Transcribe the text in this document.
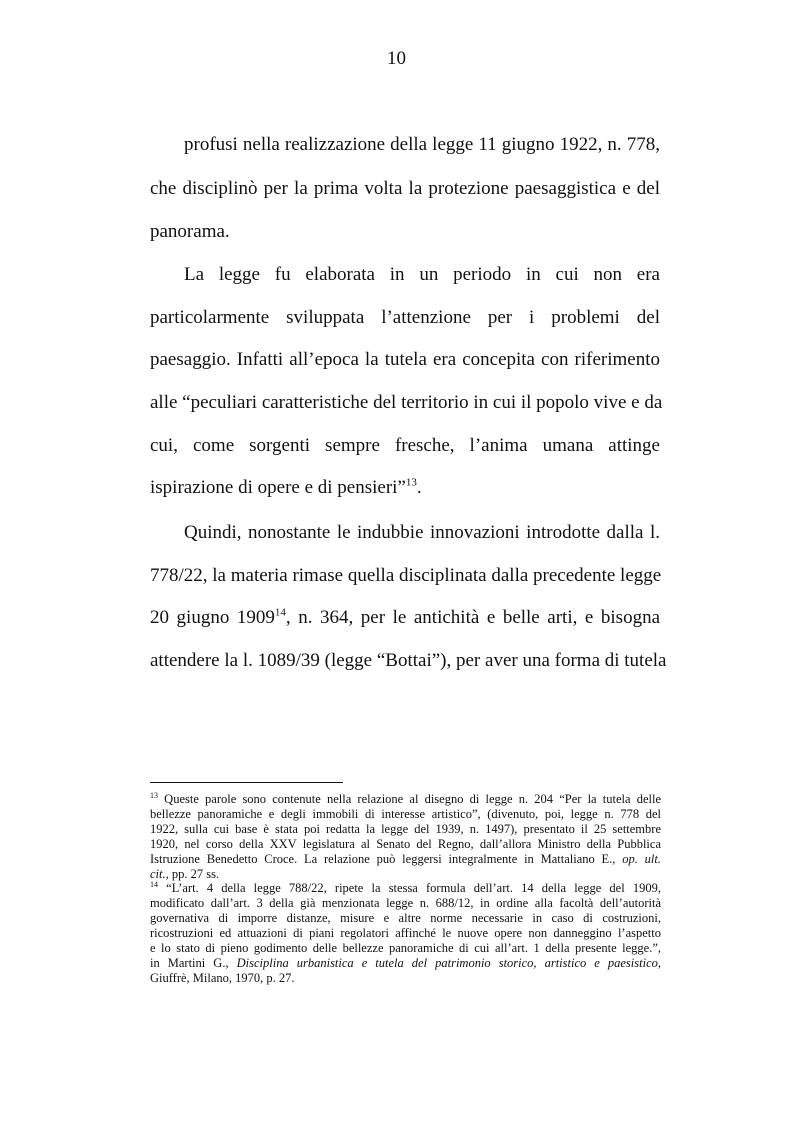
10
profusi nella realizzazione della legge 11 giugno 1922, n. 778,
che disciplinò per la prima volta la protezione paesaggistica e del
panorama.
La legge fu elaborata in un periodo in cui non era
particolarmente sviluppata l’attenzione per i problemi del
paesaggio. Infatti all’epoca la tutela era concepita con riferimento
alle “peculiari caratteristiche del territorio in cui il popolo vive e da
cui, come sorgenti sempre fresche, l’anima umana attinge
ispirazione di opere e di pensieri”$^{13}$.
Quindi, nonostante le indubbie innovazioni introdotte dalla l.
778/22, la materia rimase quella disciplinata dalla precedente legge
20 giugno 1909$^{14}$, n. 364, per le antichità e belle arti, e bisogna
attendere la l. 1089/39 (legge “Bottai”), per aver una forma di tutela
$^{13}$ Queste parole sono contenute nella relazione al disegno di legge n. 204 “Per la tutela delle
bellezze panoramiche e degli immobili di interesse artistico”, (divenuto, poi, legge n. 778 del
1922, sulla cui base è stata poi redatta la legge del 1939, n. 1497), presentato il 25 settembre
1920, nel corso della XXV legislatura al Senato del Regno, dall’allora Ministro della Pubblica
Istruzione Benedetto Croce. La relazione può leggersi integralmente in Mattaliano E., op. ult.
cit., pp. 27 ss.
$^{14}$ “L’art. 4 della legge 788/22, ripete la stessa formula dell’art. 14 della legge del 1909,
modificato dall’art. 3 della già menzionata legge n. 688/12, in ordine alla facoltà dell’autorità
governativa di imporre distanze, misure e altre norme necessarie in caso di costruzioni,
ricostruzioni ed attuazioni di piani regolatori affinché le nuove opere non danneggino l’aspetto
e lo stato di pieno godimento delle bellezze panoramiche di cui all’art. 1 della presente legge.”,
in Martini G., Disciplina urbanistica e tutela del patrimonio storico, artistico e paesistico,
Giuffrè, Milano, 1970, p. 27.
